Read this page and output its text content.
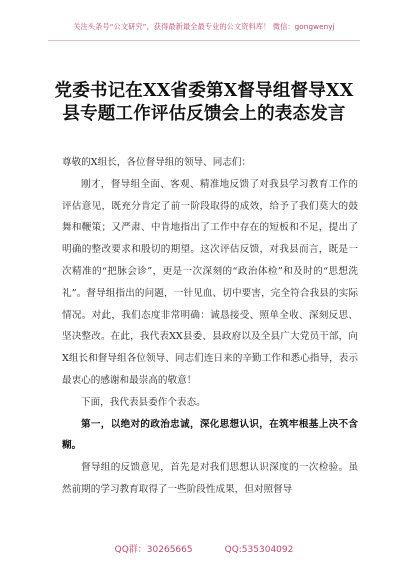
关注头条号“公文研究”，获得最新最全最专业的公文资料库！ 微信：gongwenyj
党委书记在XX省委第X督导组督导XX
县专题工作评估反馈会上的表态发言

尊敬的X组长，各位督导组的领导、同志们：

刚才，督导组全面、客观、精准地反馈了对我县学习教育工作的评估意见，既充分肯定了前一阶段取得的成效，给予了我们莫大的鼓舞和鞭策；又严肃、中肯地指出了工作中存在的短板和不足，提出了明确的整改要求和殷切的期望。这次评估反馈，对我县而言，既是一次精准的“把脉会诊”，更是一次深刻的“政治体检”和及时的“思想洗礼”。督导组指出的问题，一针见血、切中要害，完全符合我县的实际情况。对此，我们态度非常明确：诚恳接受、照单全收、深刻反思、坚决整改。在此，我代表XX县委、县政府以及全县广大党员干部，向X组长和督导组各位领导、同志们连日来的辛勤工作和悉心指导，表示最衷心的感谢和最崇高的敬意！

下面，我代表县委作个表态。

第一，以绝对的政治忠诚，深化思想认识，在筑牢根基上决不含糊。

督导组的反馈意见，首先是对我们思想认识深度的一次检验。虽然前期的学习教育取得了一些阶段性成果，但对照督导

QQ群：30265665	QQ:535304092
